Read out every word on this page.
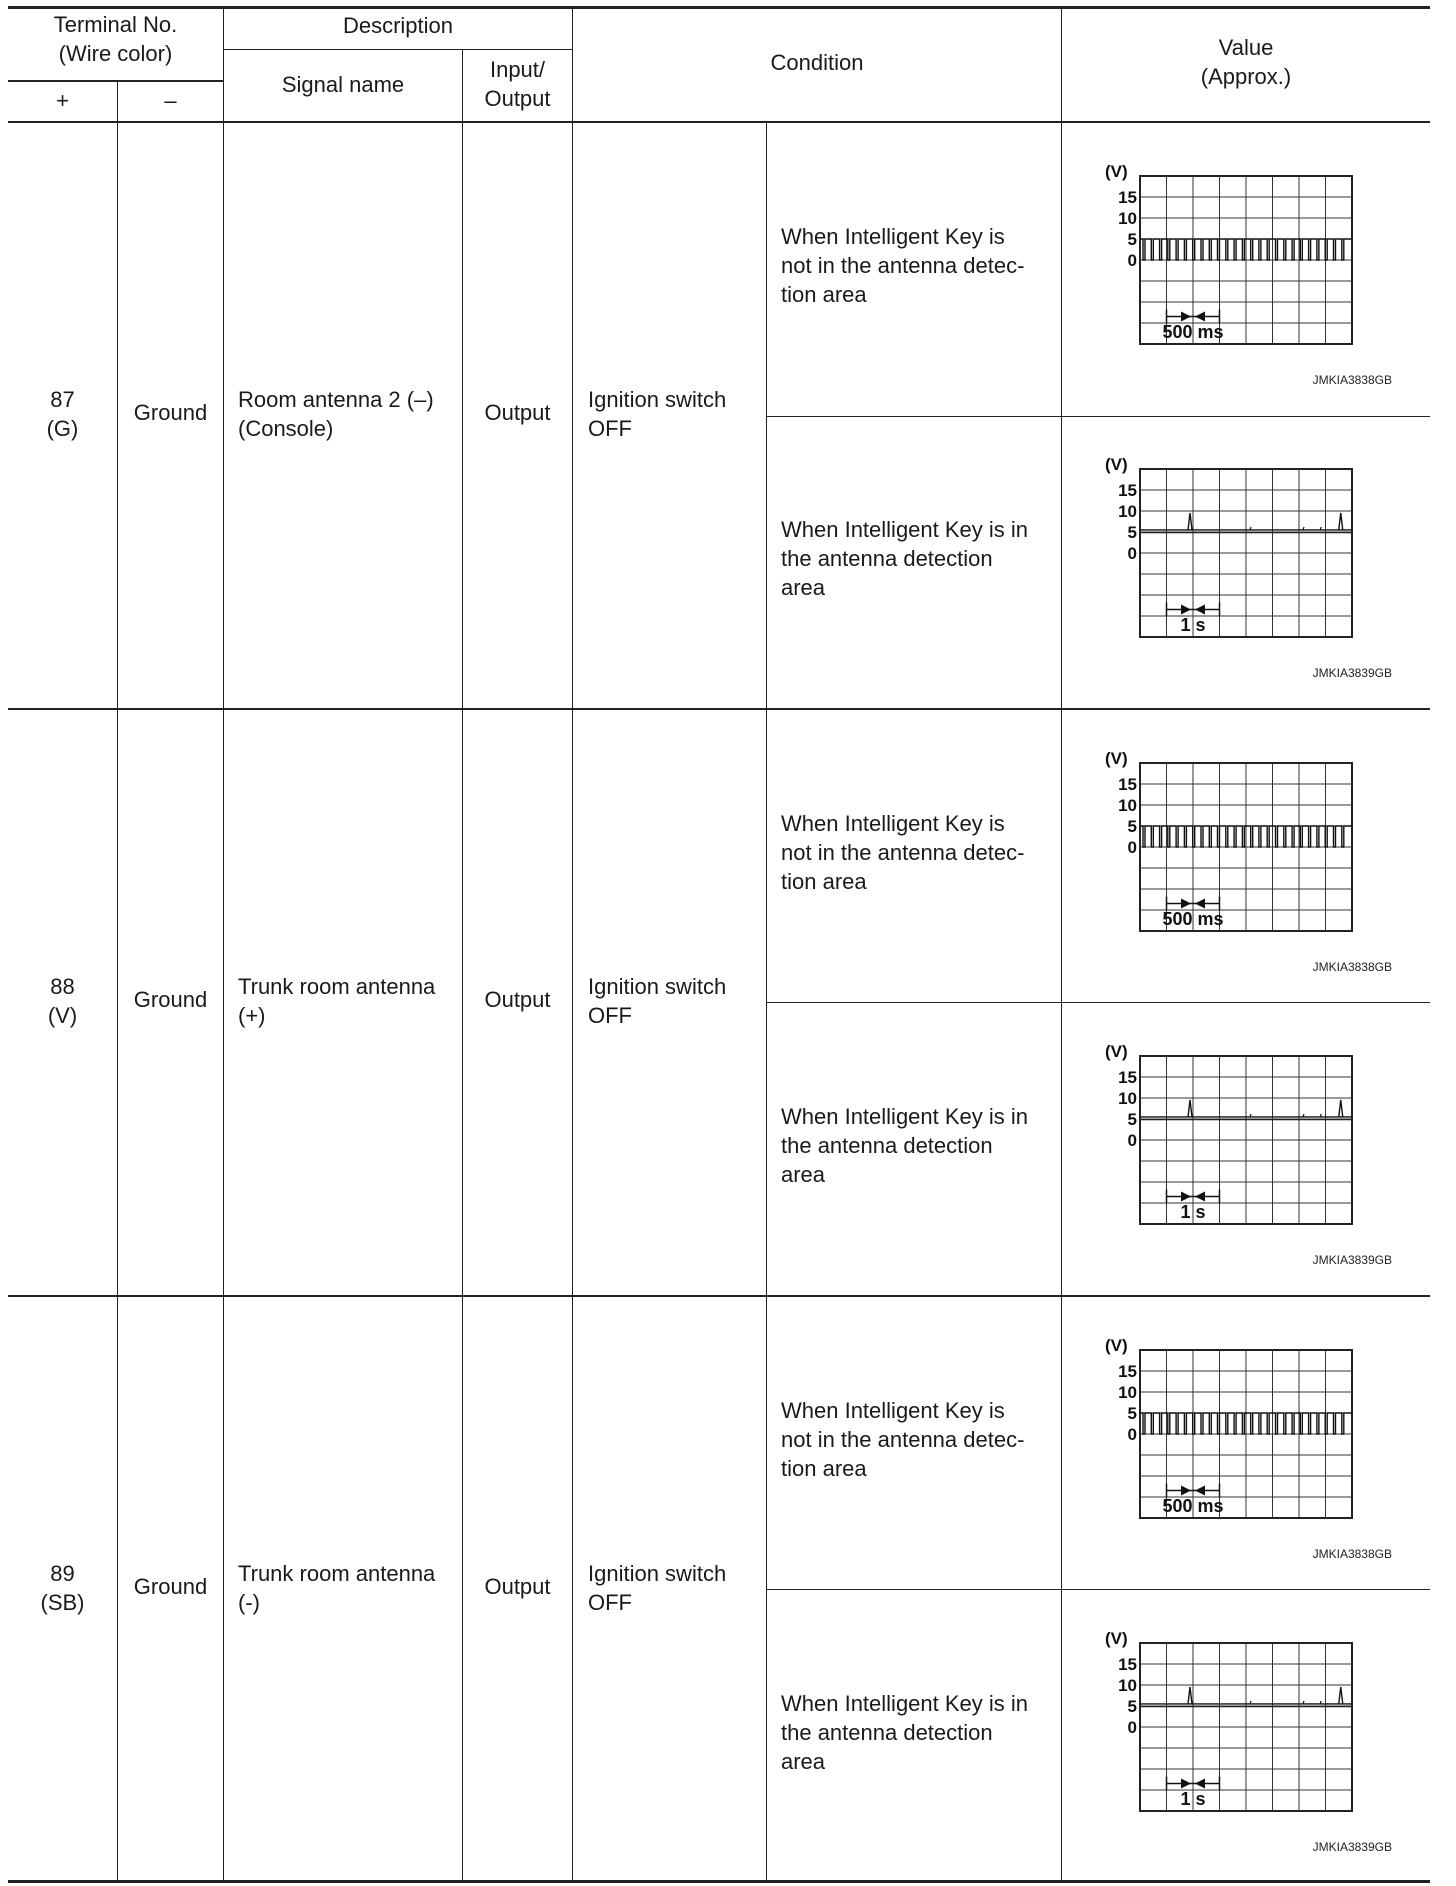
Terminal No.
(Wire color)
+	–
Description
Signal name
Input/
Output
Condition
Value
(Approx.)
87
(G)
Ground
Room antenna 2 (–)
(Console)
Output
Ignition switch
OFF
When Intelligent Key is
not in the antenna detec-
tion area
When Intelligent Key is in
the antenna detection
area
88
(V)
Ground
Trunk room antenna
(+)
Output
Ignition switch
OFF
When Intelligent Key is
not in the antenna detec-
tion area
When Intelligent Key is in
the antenna detection
area
89
(SB)
Ground
Trunk room antenna
(-)
Output
Ignition switch
OFF
When Intelligent Key is
not in the antenna detec-
tion area
When Intelligent Key is in
the antenna detection
area
(V)
15
10
5
0
500 ms
JMKIA3838GB
(V)
15
10
5
0
1 s
JMKIA3839GB
(V)
15
10
5
0
500 ms
JMKIA3838GB
(V)
15
10
5
0
1 s
JMKIA3839GB
(V)
15
10
5
0
500 ms
JMKIA3838GB
(V)
15
10
5
0
1 s
JMKIA3839GB
